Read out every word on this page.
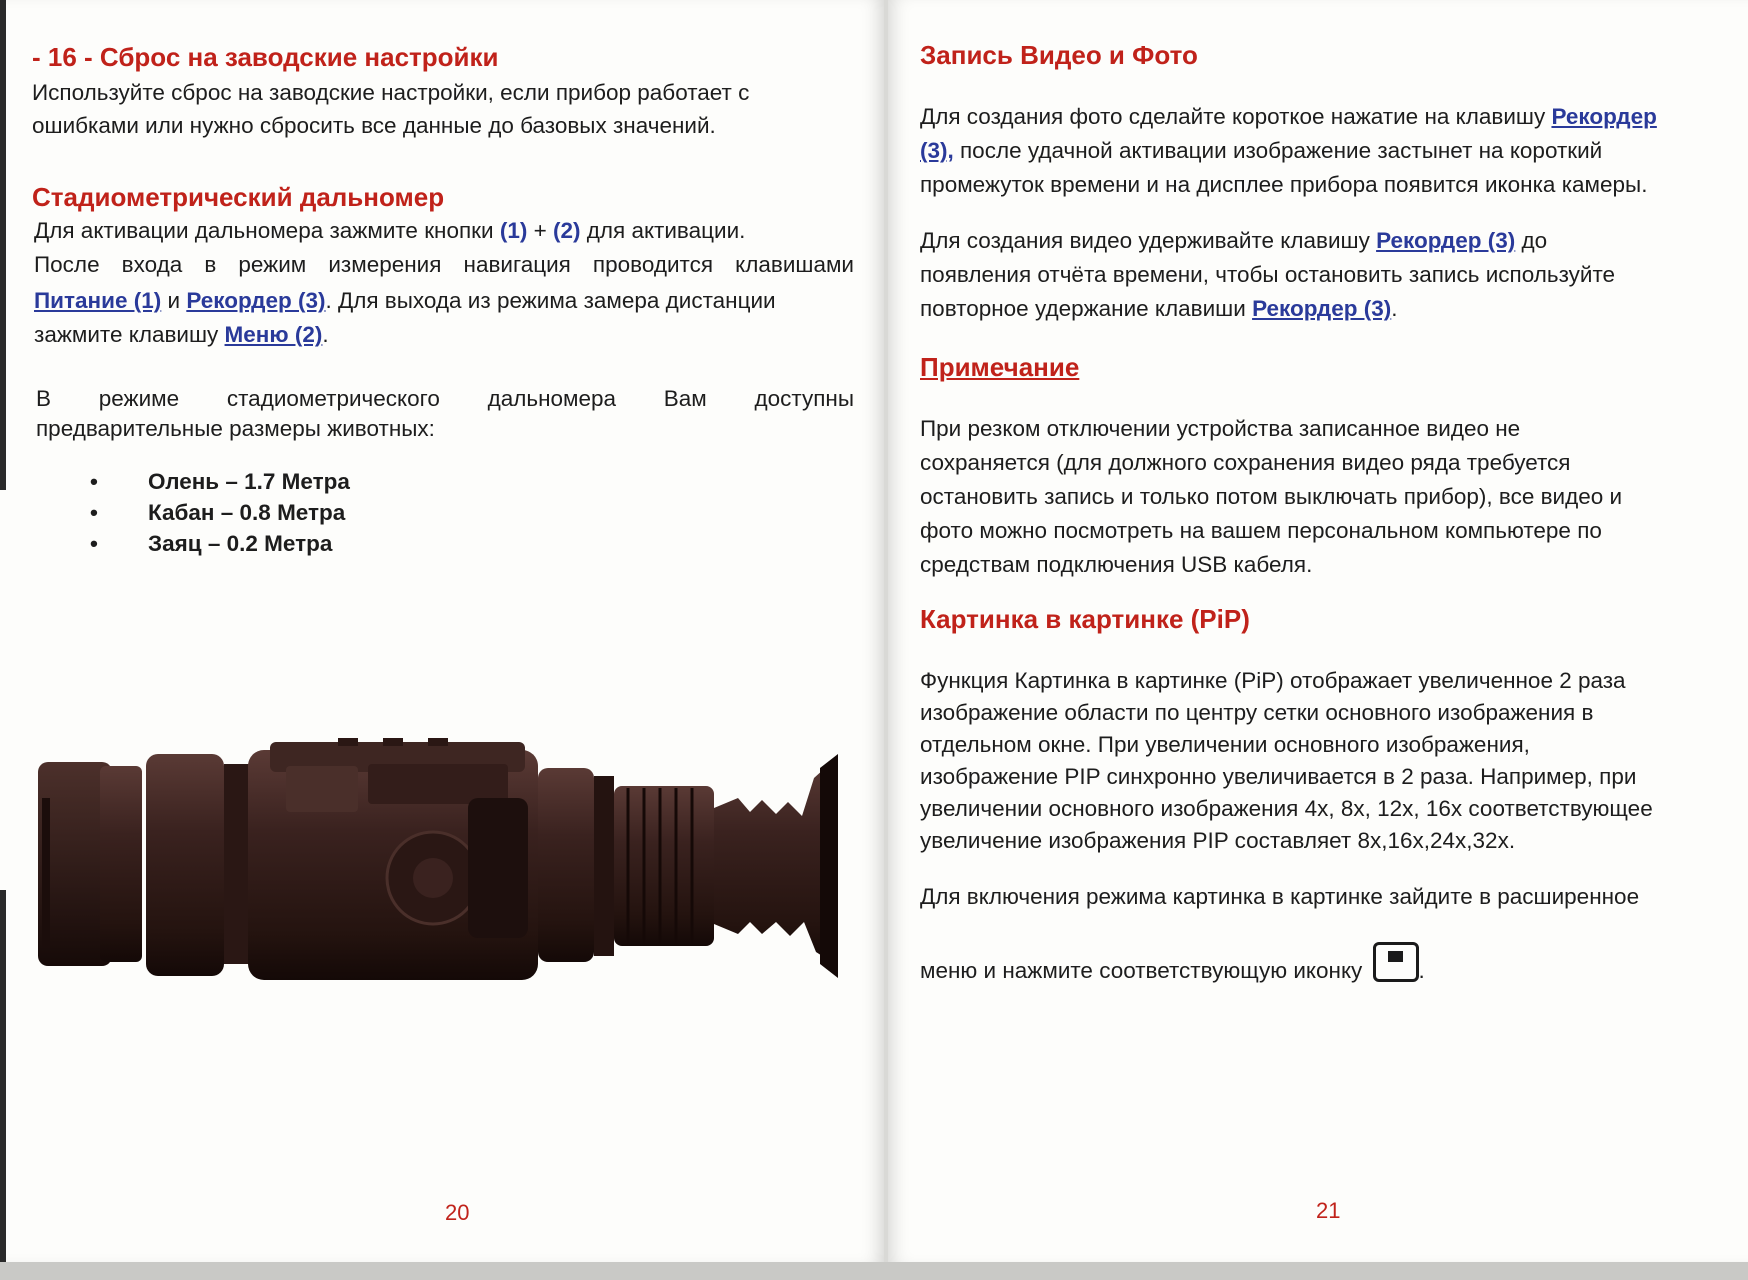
- 16 - Сброс на заводские настройки

Используйте сброс на заводские настройки, если прибор работает с ошибками или нужно сбросить все данные до базовых значений.

Стадиометрический дальномер

Для активации дальномера зажмите кнопки (1) + (2) для активации.

После входа в режим измерения навигация проводится клавишами

Питание (1) и Рекордер (3). Для выхода из режима замера дистанции

зажмите клавишу Меню (2).

В режиме стадиометрического дальномера Вам доступны

предварительные размеры животных:

• Олень – 1.7 Метра
• Кабан – 0.8 Метра
• Заяц – 0.2 Метра
20
Запись Видео и Фото

Для создания фото сделайте короткое нажатие на клавишу Рекордер

(3), после удачной активации изображение застынет на короткий

промежуток времени и на дисплее прибора появится иконка камеры.

Для создания видео удерживайте клавишу Рекордер (3) до

появления отчёта времени, чтобы остановить запись используйте

повторное удержание клавиши Рекордер (3).

Примечание

При резком отключении устройства записанное видео не

сохраняется (для должного сохранения видео ряда требуется

остановить запись и только потом выключать прибор), все видео и

фото можно посмотреть на вашем персональном компьютере по

средствам подключения USB кабеля.

Картинка в картинке (PiP)

Функция Картинка в картинке (PiP) отображает увеличенное 2 раза

изображение области по центру сетки основного изображения в

отдельном окне. При увеличении основного изображения,

изображение PIP синхронно увеличивается в 2 раза. Например, при

увеличении основного изображения 4x, 8x, 12x, 16x соответствующее

увеличение изображения PIP составляет 8x,16x,24x,32x.

Для включения режима картинка в картинке зайдите в расширенное

меню и нажмите соответствующую иконку .

21
